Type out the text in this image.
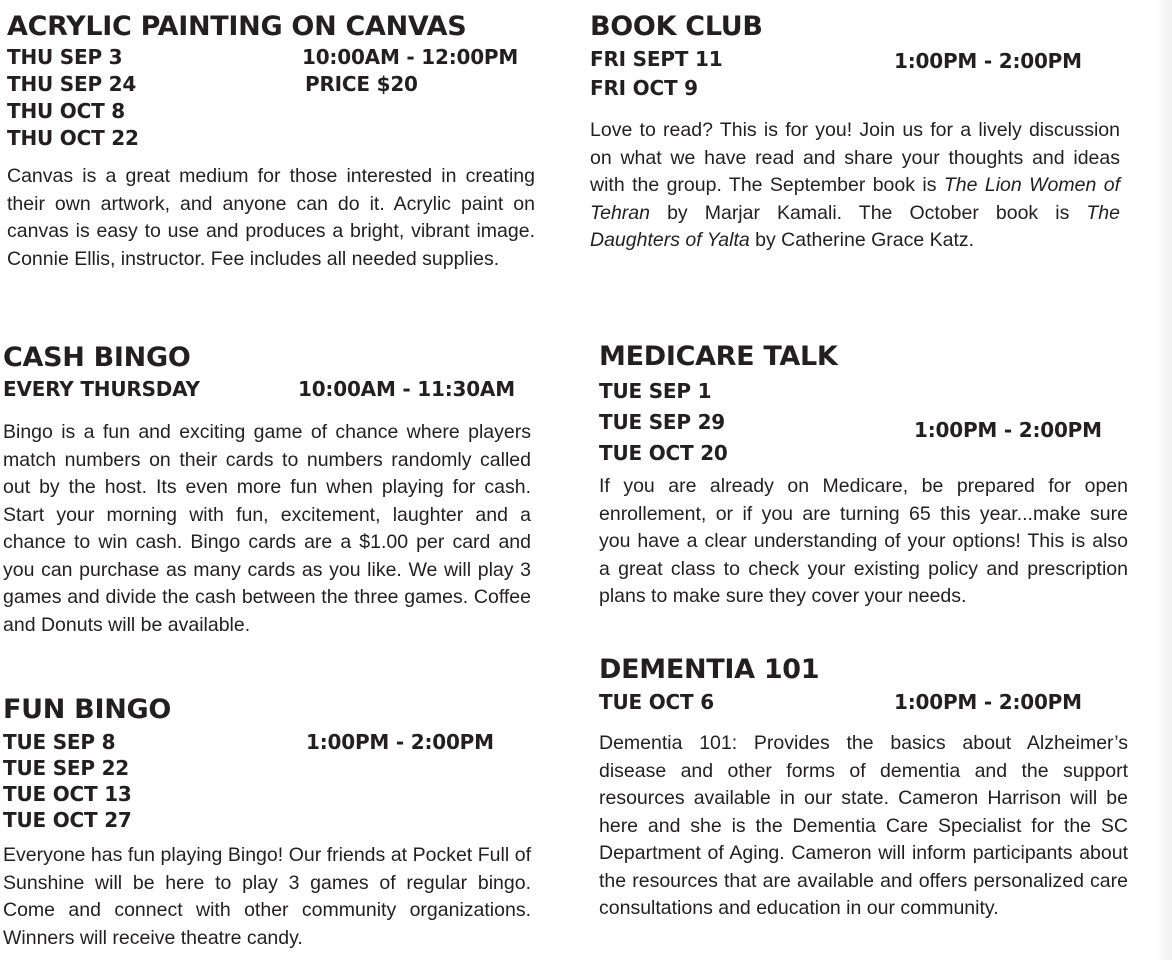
ACRYLIC PAINTING ON CANVAS
THU SEP 3
THU SEP 24
THU OCT 8
THU OCT 22
10:00AM - 12:00PM
PRICE $20

Canvas is a great medium for those interested in creating their own artwork, and anyone can do it. Acrylic paint on canvas is easy to use and produces a bright, vibrant image. Connie Ellis, instructor. Fee includes all needed supplies.

BOOK CLUB
FRI SEPT 11
FRI OCT 9
1:00PM - 2:00PM

Love to read? This is for you! Join us for a lively discussion on what we have read and share your thoughts and ideas with the group. The September book is The Lion Women of Tehran by Marjar Kamali. The October book is The Daughters of Yalta by Catherine Grace Katz.

CASH BINGO
EVERY THURSDAY	10:00AM - 11:30AM

Bingo is a fun and exciting game of chance where players match numbers on their cards to numbers randomly called out by the host. Its even more fun when playing for cash. Start your morning with fun, excitement, laughter and a chance to win cash. Bingo cards are a $1.00 per card and you can purchase as many cards as you like. We will play 3 games and divide the cash between the three games. Coffee and Donuts will be available.

MEDICARE TALK
TUE SEP 1
TUE SEP 29
TUE OCT 20
1:00PM - 2:00PM

If you are already on Medicare, be prepared for open enrollement, or if you are turning 65 this year...make sure you have a clear understanding of your options! This is also a great class to check your existing policy and prescription plans to make sure they cover your needs.

FUN BINGO
TUE SEP 8
TUE SEP 22
TUE OCT 13
TUE OCT 27
1:00PM - 2:00PM

Everyone has fun playing Bingo! Our friends at Pocket Full of Sunshine will be here to play 3 games of regular bingo. Come and connect with other community organizations. Winners will receive theatre candy.

DEMENTIA 101
TUE OCT 6	1:00PM - 2:00PM

Dementia 101: Provides the basics about Alzheimer’s disease and other forms of dementia and the support resources available in our state. Cameron Harrison will be here and she is the Dementia Care Specialist for the SC Department of Aging. Cameron will inform participants about the resources that are available and offers personalized care consultations and education in our community.
